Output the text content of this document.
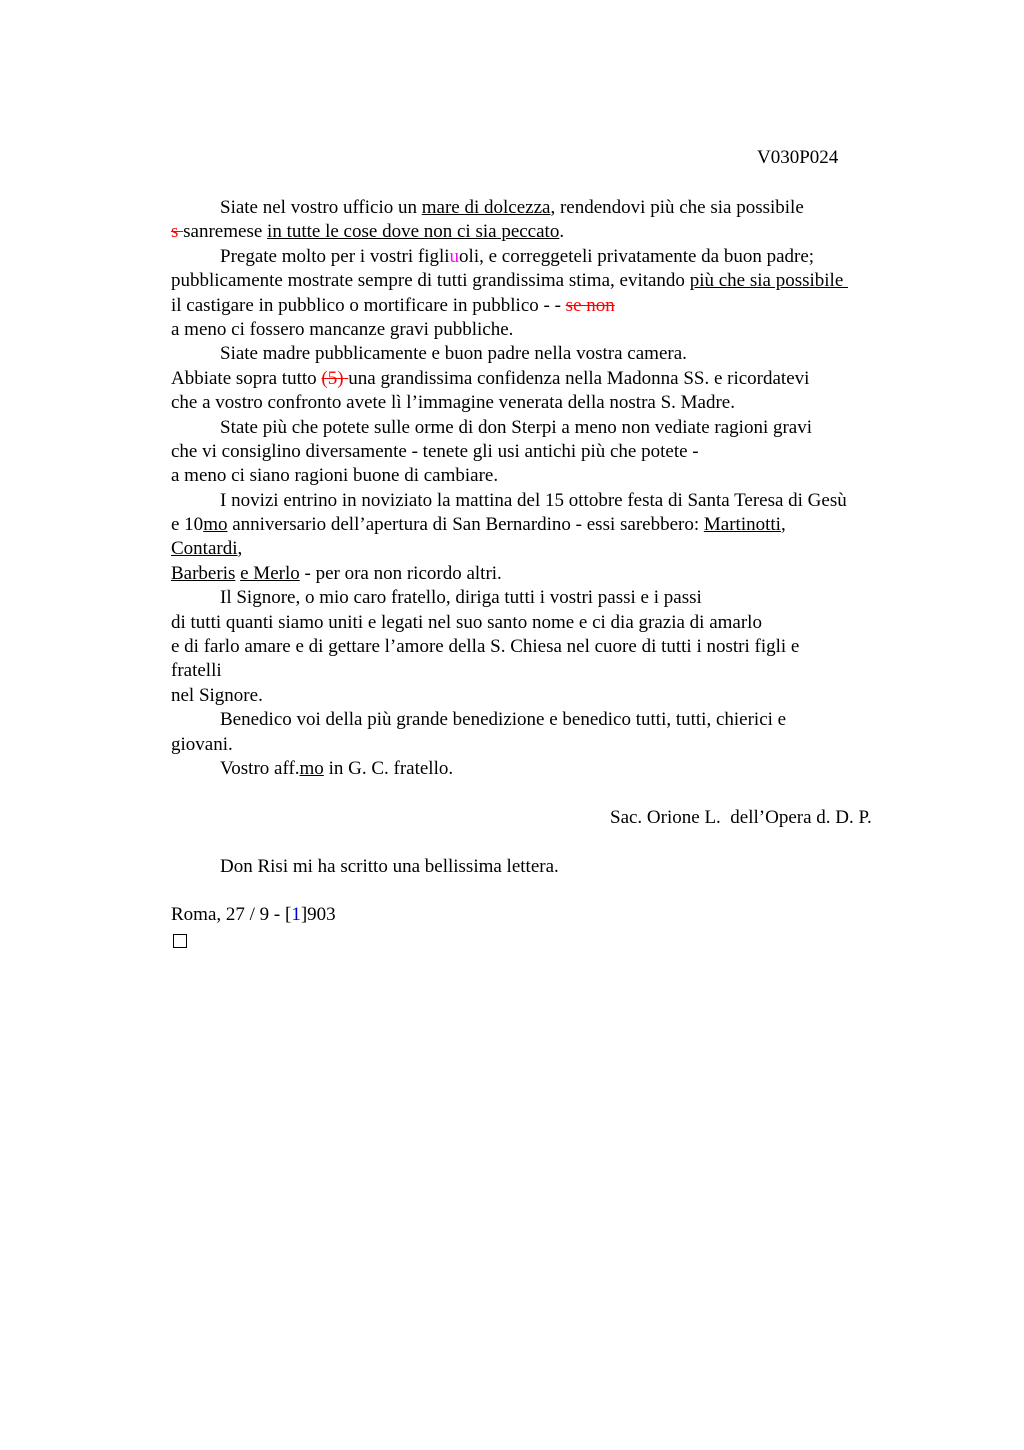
V030P024
Siate nel vostro ufficio un mare di dolcezza, rendendovi più che sia possibile
s sanremese in tutte le cose dove non ci sia peccato.
Pregate molto per i vostri figliuoli, e correggeteli privatamente da buon padre;
pubblicamente mostrate sempre di tutti grandissima stima, evitando più che sia possibile
il castigare in pubblico o mortificare in pubblico - - se non
a meno ci fossero mancanze gravi pubbliche.
Siate madre pubblicamente e buon padre nella vostra camera.
Abbiate sopra tutto (5) una grandissima confidenza nella Madonna SS. e ricordatevi
che a vostro confronto avete lì l’immagine venerata della nostra S. Madre.
State più che potete sulle orme di don Sterpi a meno non vediate ragioni gravi
che vi consiglino diversamente - tenete gli usi antichi più che potete -
a meno ci siano ragioni buone di cambiare.
I novizi entrino in noviziato la mattina del 15 ottobre festa di Santa Teresa di Gesù
e 10mo anniversario dell’apertura di San Bernardino - essi sarebbero: Martinotti,
Contardi,
Barberis e Merlo - per ora non ricordo altri.
Il Signore, o mio caro fratello, diriga tutti i vostri passi e i passi
di tutti quanti siamo uniti e legati nel suo santo nome e ci dia grazia di amarlo
e di farlo amare e di gettare l’amore della S. Chiesa nel cuore di tutti i nostri figli e
fratelli
nel Signore.
Benedico voi della più grande benedizione e benedico tutti, tutti, chierici e
giovani.
Vostro aff.mo in G. C. fratello.
Sac. Orione L.  dell’Opera d. D. P.
Don Risi mi ha scritto una bellissima lettera.
Roma, 27 / 9 - [1]903
